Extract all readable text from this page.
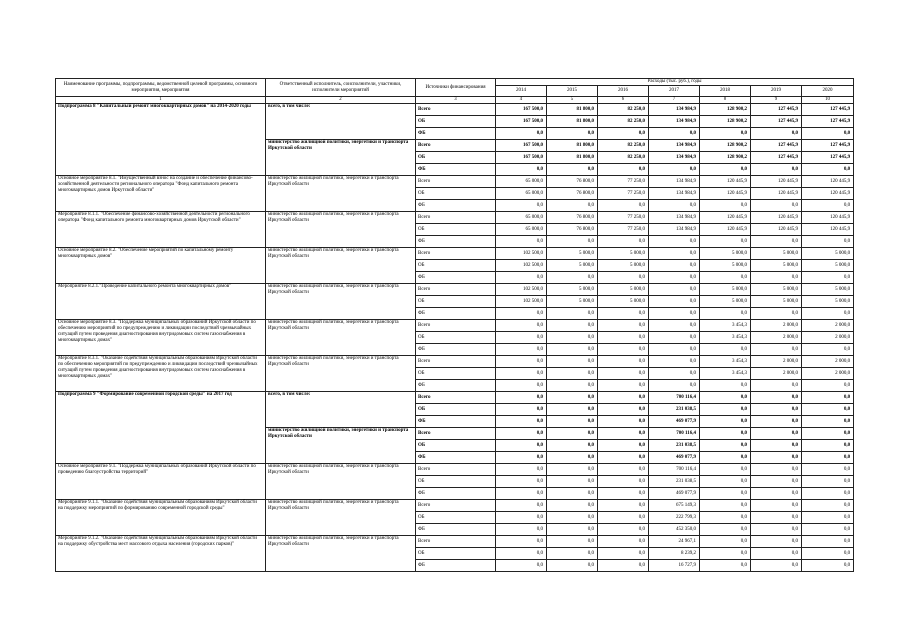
Наименование программы, подпрограммы, ведомственной целевой программы, основного мероприятия, мероприятия	Ответственный исполнитель, соисполнители, участники, исполнители мероприятий	Источники финансирования	Расходы (тыс. руб.), годы						
			2014	2015	2016	2017	2018	2019	2020
1	2	3	4	5	6	7	8	9	10
Подпрограмма 8 "Капитальный ремонт многоквартирных домов" на 2014-2020 годы	всего, в том числе:	Всего	167 500,0	81 800,0	82 250,0	134 984,9	128 900,2	127 445,9	127 445,9
		ОБ	167 500,0	81 800,0	82 250,0	134 984,9	128 900,2	127 445,9	127 445,9
		ФБ	0,0	0,0	0,0	0,0	0,0	0,0	0,0
	министерство жилищной политики, энергетики и транспорта Иркутской области	Всего	167 500,0	81 800,0	82 250,0	134 984,9	128 900,2	127 445,9	127 445,9
		ОБ	167 500,0	81 800,0	82 250,0	134 984,9	128 900,2	127 445,9	127 445,9
		ФБ	0,0	0,0	0,0	0,0	0,0	0,0	0,0
Основное мероприятие 8.1. "Имущественный взнос на создание и обеспечение финансово-хозяйственной деятельности регионального оператора "Фонд капитального ремонта многоквартирных домов Иркутской области"	министерство жилищной политики, энергетики и транспорта Иркутской области	Всего	65 000,0	76 800,0	77 250,0	134 984,9	120 445,9	120 445,9	120 445,9
		ОБ	65 000,0	76 800,0	77 250,0	134 984,9	120 445,9	120 445,9	120 445,9
		ФБ	0,0	0,0	0,0	0,0	0,0	0,0	0,0
Мероприятие 8.1.1. "Обеспечение финансово-хозяйственной деятельности регионального оператора "Фонд капитального ремонта многоквартирных домов Иркутской области"	министерство жилищной политики, энергетики и транспорта Иркутской области	Всего	65 000,0	76 800,0	77 250,0	134 984,9	120 445,9	120 445,9	120 445,9
		ОБ	65 000,0	76 800,0	77 250,0	134 984,9	120 445,9	120 445,9	120 445,9
		ФБ	0,0	0,0	0,0	0,0	0,0	0,0	0,0
Основное мероприятие 8.2. "Обеспечение мероприятий по капитальному ремонту многоквартирных домов"	министерство жилищной политики, энергетики и транспорта Иркутской области	Всего	102 500,0	5 000,0	5 000,0	0,0	5 000,0	5 000,0	5 000,0
		ОБ	102 500,0	5 000,0	5 000,0	0,0	5 000,0	5 000,0	5 000,0
		ФБ	0,0	0,0	0,0	0,0	0,0	0,0	0,0
Мероприятие 8.2.1."Проведение капитального ремонта многоквартирных домов"	министерство жилищной политики, энергетики и транспорта Иркутской области	Всего	102 500,0	5 000,0	5 000,0	0,0	5 000,0	5 000,0	5 000,0
		ОБ	102 500,0	5 000,0	5 000,0	0,0	5 000,0	5 000,0	5 000,0
		ФБ	0,0	0,0	0,0	0,0	0,0	0,0	0,0
Основное мероприятие 8.3. "Поддержка муниципальных образований Иркутской области по обеспечению мероприятий по предупреждению и ликвидации последствий чрезвычайных ситуаций путем проведения диагностирования внутридомовых систем газоснабжения в многоквартирных домах"	министерство жилищной политики, энергетики и транспорта Иркутской области	Всего	0,0	0,0	0,0	0,0	3 454,3	2 000,0	2 000,0
		ОБ	0,0	0,0	0,0	0,0	3 454,3	2 000,0	2 000,0
		ФБ	0,0	0,0	0,0	0,0	0,0	0,0	0,0
Мероприятие 8.3.1. "Оказание содействия муниципальным образованиям Иркутской области по обеспечению мероприятий по предупреждению и ликвидации последствий чрезвычайных ситуаций путем проведения диагностирования внутридомовых систем газоснабжения в многоквартирных домах"	министерство жилищной политики, энергетики и транспорта Иркутской области	Всего	0,0	0,0	0,0	0,0	3 454,3	2 000,0	2 000,0
		ОБ	0,0	0,0	0,0	0,0	3 454,3	2 000,0	2 000,0
		ФБ	0,0	0,0	0,0	0,0	0,0	0,0	0,0
Подпрограмма 9 "Формирование современной городской среды" на 2017 год	всего, в том числе:	Всего	0,0	0,0	0,0	700 116,4	0,0	0,0	0,0
		ОБ	0,0	0,0	0,0	231 038,5	0,0	0,0	0,0
		ФБ	0,0	0,0	0,0	469 077,9	0,0	0,0	0,0
	министерство жилищной политики, энергетики и транспорта Иркутской области	Всего	0,0	0,0	0,0	700 116,4	0,0	0,0	0,0
		ОБ	0,0	0,0	0,0	231 038,5	0,0	0,0	0,0
		ФБ	0,0	0,0	0,0	469 077,9	0,0	0,0	0,0
Основное мероприятие 9.1. "Поддержка муниципальных образований Иркутской области по проведению благоустройства территорий"	министерство жилищной политики, энергетики и транспорта Иркутской области	Всего	0,0	0,0	0,0	700 116,4	0,0	0,0	0,0
		ОБ	0,0	0,0	0,0	231 038,5	0,0	0,0	0,0
		ФБ	0,0	0,0	0,0	469 077,9	0,0	0,0	0,0
Мероприятие 9.1.1. "Оказание содействия муниципальным образованиям Иркутской области на поддержку мероприятий по формированию современной городской среды"	министерство жилищной политики, энергетики и транспорта Иркутской области	Всего	0,0	0,0	0,0	675 149,3	0,0	0,0	0,0
		ОБ	0,0	0,0	0,0	222 799,3	0,0	0,0	0,0
		ФБ	0,0	0,0	0,0	452 350,0	0,0	0,0	0,0
Мероприятие 9.1.2. "Оказание содействия муниципальным образованиям Иркутской области на поддержку обустройства мест массового отдыха населения (городских парков)"	министерство жилищной политики, энергетики и транспорта Иркутской области	Всего	0,0	0,0	0,0	24 967,1	0,0	0,0	0,0
		ОБ	0,0	0,0	0,0	8 239,2	0,0	0,0	0,0
		ФБ	0,0	0,0	0,0	16 727,9	0,0	0,0	0,0
